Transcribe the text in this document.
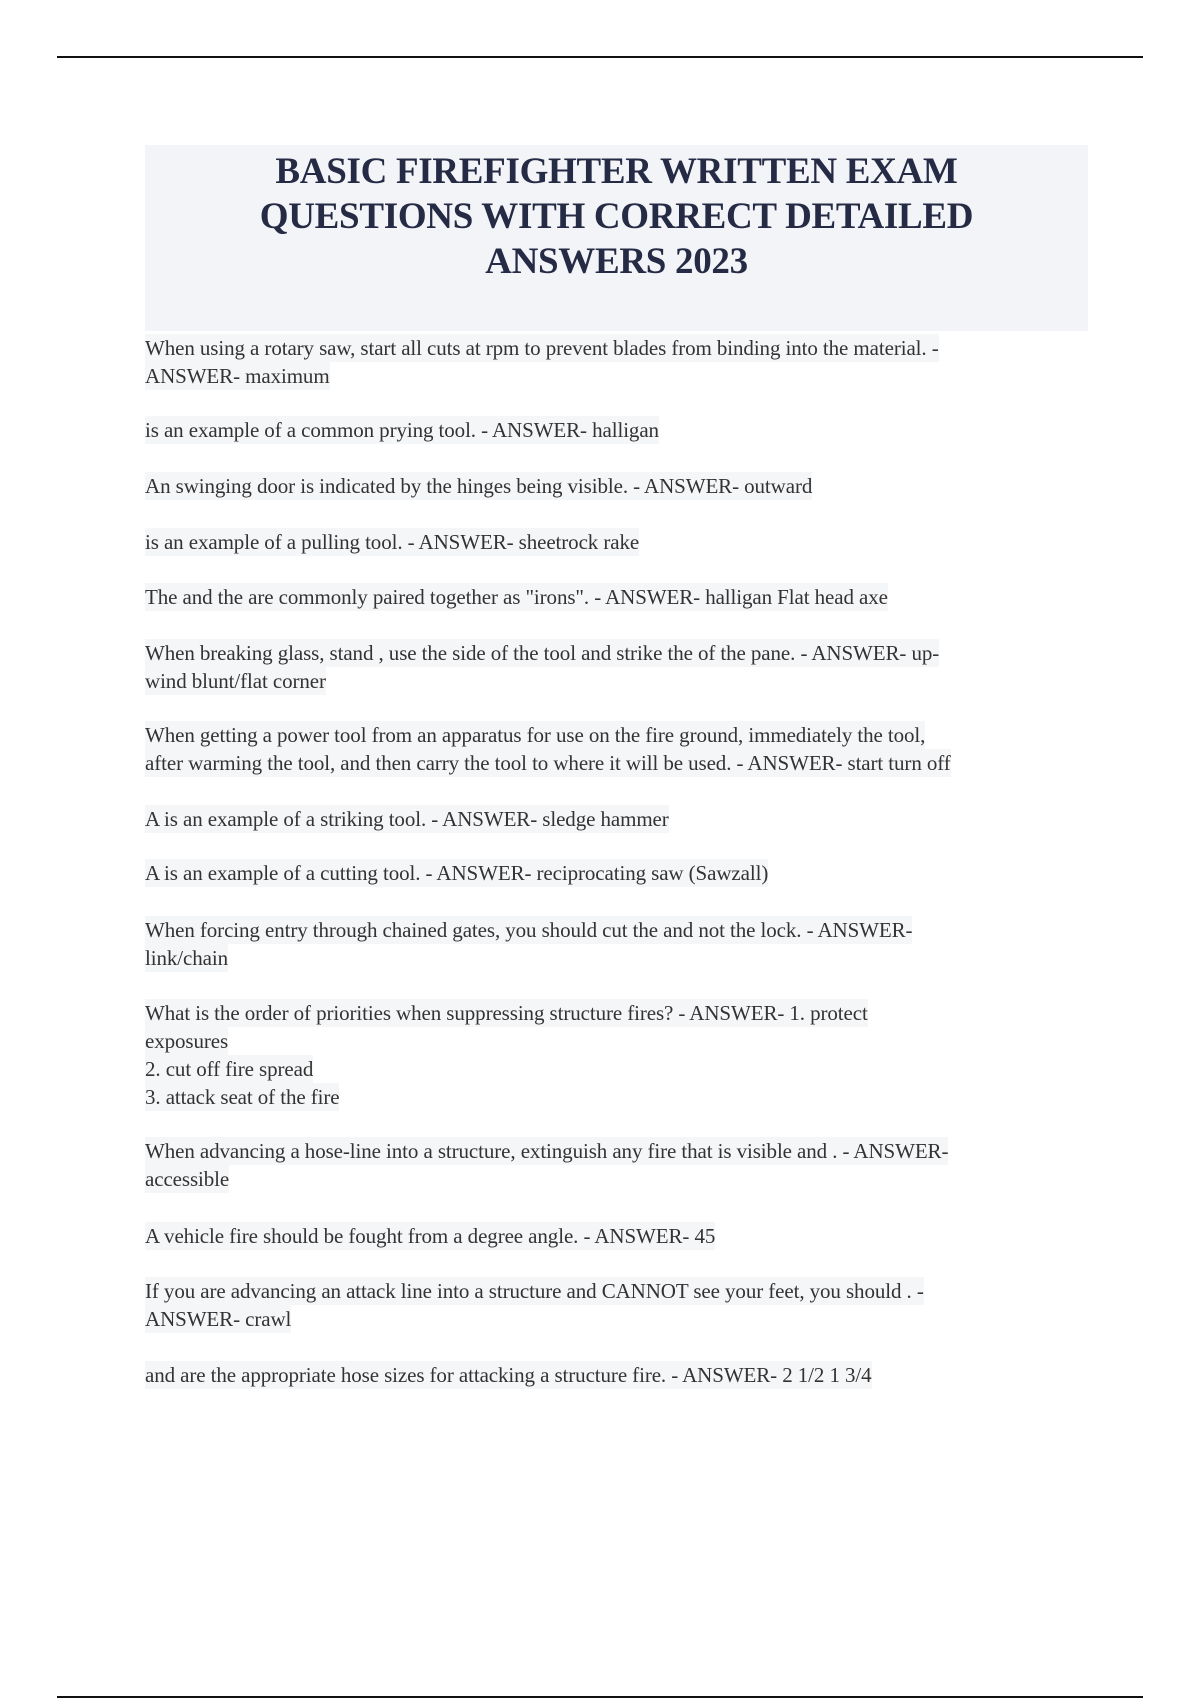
BASIC FIREFIGHTER WRITTEN EXAM
QUESTIONS WITH CORRECT DETAILED
ANSWERS 2023
When using a rotary saw, start all cuts at rpm to prevent blades from binding into the material. -
ANSWER- maximum

is an example of a common prying tool. - ANSWER- halligan

An swinging door is indicated by the hinges being visible. - ANSWER- outward

is an example of a pulling tool. - ANSWER- sheetrock rake

The and the are commonly paired together as "irons". - ANSWER- halligan Flat head axe

When breaking glass, stand , use the side of the tool and strike the of the pane. - ANSWER- up-
wind blunt/flat corner

When getting a power tool from an apparatus for use on the fire ground, immediately the tool,
after warming the tool, and then carry the tool to where it will be used. - ANSWER- start turn off

A is an example of a striking tool. - ANSWER- sledge hammer

A is an example of a cutting tool. - ANSWER- reciprocating saw (Sawzall)

When forcing entry through chained gates, you should cut the and not the lock. - ANSWER-
link/chain

What is the order of priorities when suppressing structure fires? - ANSWER- 1. protect
exposures
2. cut off fire spread
3. attack seat of the fire

When advancing a hose-line into a structure, extinguish any fire that is visible and . - ANSWER-
accessible

A vehicle fire should be fought from a degree angle. - ANSWER- 45

If you are advancing an attack line into a structure and CANNOT see your feet, you should . -
ANSWER- crawl

and are the appropriate hose sizes for attacking a structure fire. - ANSWER- 2 1/2 1 3/4
